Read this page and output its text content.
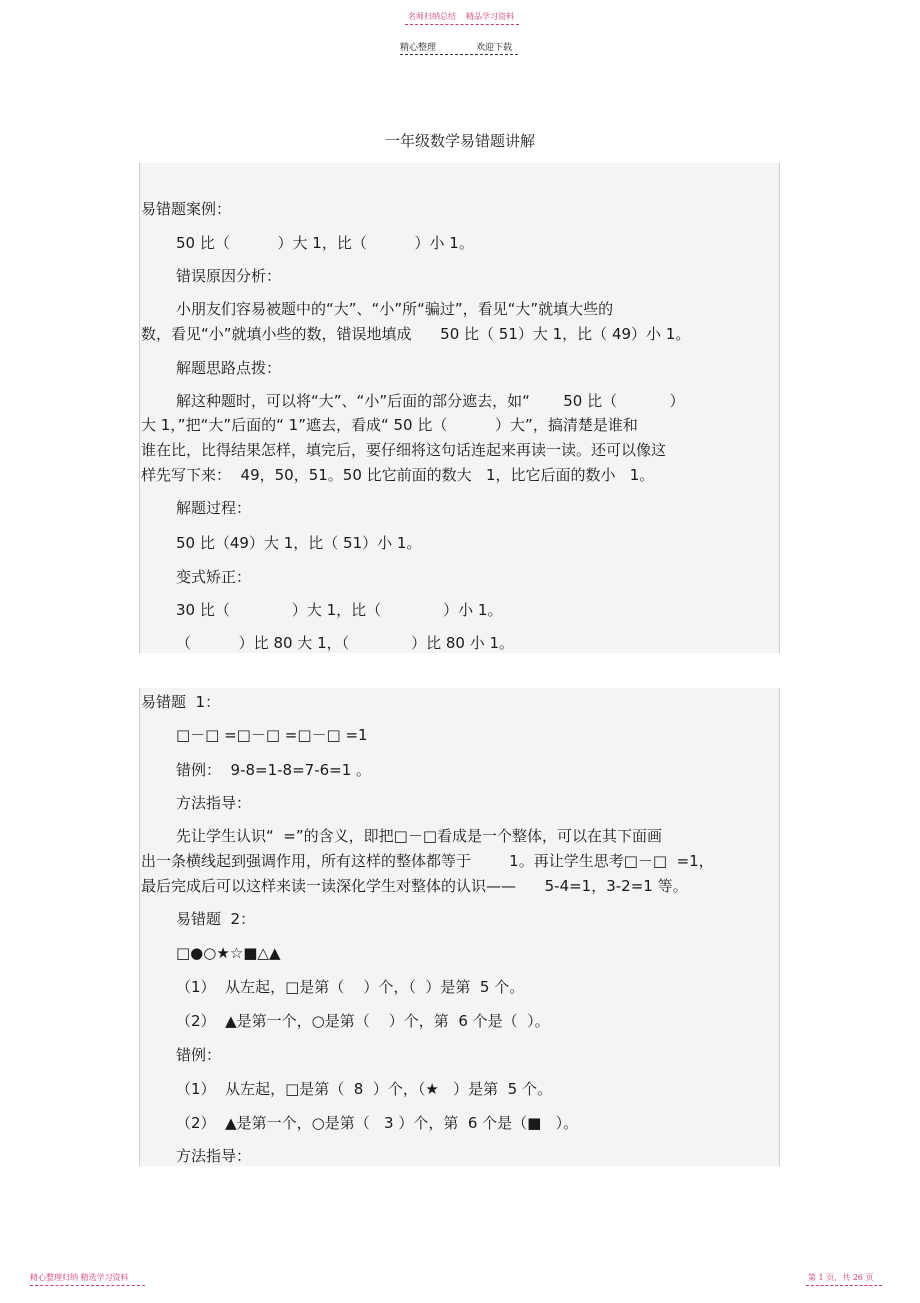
名师归纳总结 精品学习资料
精心整理	欢迎下载
一年级数学易错题讲解
易错题案例：
50 比（          ）大 1，比（          ）小 1。
错误原因分析：
小朋友们容易被题中的“大”、“小”所“骗过”，看见“大”就填大些的
数，看见“小”就填小些的数，错误地填成      50 比（ 51）大 1，比（ 49）小 1。
解题思路点拨：
解这种题时，可以将“大”、“小”后面的部分遮去，如“       50 比（           ）
大 1，”把“大”后面的“ 1”遮去，看成“ 50 比（          ）大”，搞清楚是谁和
谁在比，比得结果怎样，填完后，要仔细将这句话连起来再读一读。还可以像这
样先写下来：  49，50，51。50 比它前面的数大   1，比它后面的数小   1。
解题过程：
50 比（49）大 1，比（ 51）小 1。
变式矫正：
30 比（             ）大 1，比（             ）小 1。
（          ）比 80 大 1，（             ）比 80 小 1。
易错题  1：
□－□ =□－□ =□－□ =1
错例：  9-8=1-8=7-6=1 。
方法指导：
先让学生认识“  =”的含义，即把□－□看成是一个整体，可以在其下面画
出一条横线起到强调作用，所有这样的整体都等于        1。再让学生思考□－□  =1，
最后完成后可以这样来读一读深化学生对整体的认识——      5-4=1，3-2=1 等。
易错题  2：
□●○★☆■△▲
（1）  从左起，□是第（    ）个，（  ）是第  5 个。
（2）  ▲是第一个，○是第（    ）个，第  6 个是（  ）。
错例：
（1）  从左起，□是第（  8  ）个，（★   ）是第  5 个。
（2）  ▲是第一个，○是第（   3 ）个，第  6 个是（■   ）。
方法指导：
精心整理归纳 精选学习资料	第 1 页，共 26 页
